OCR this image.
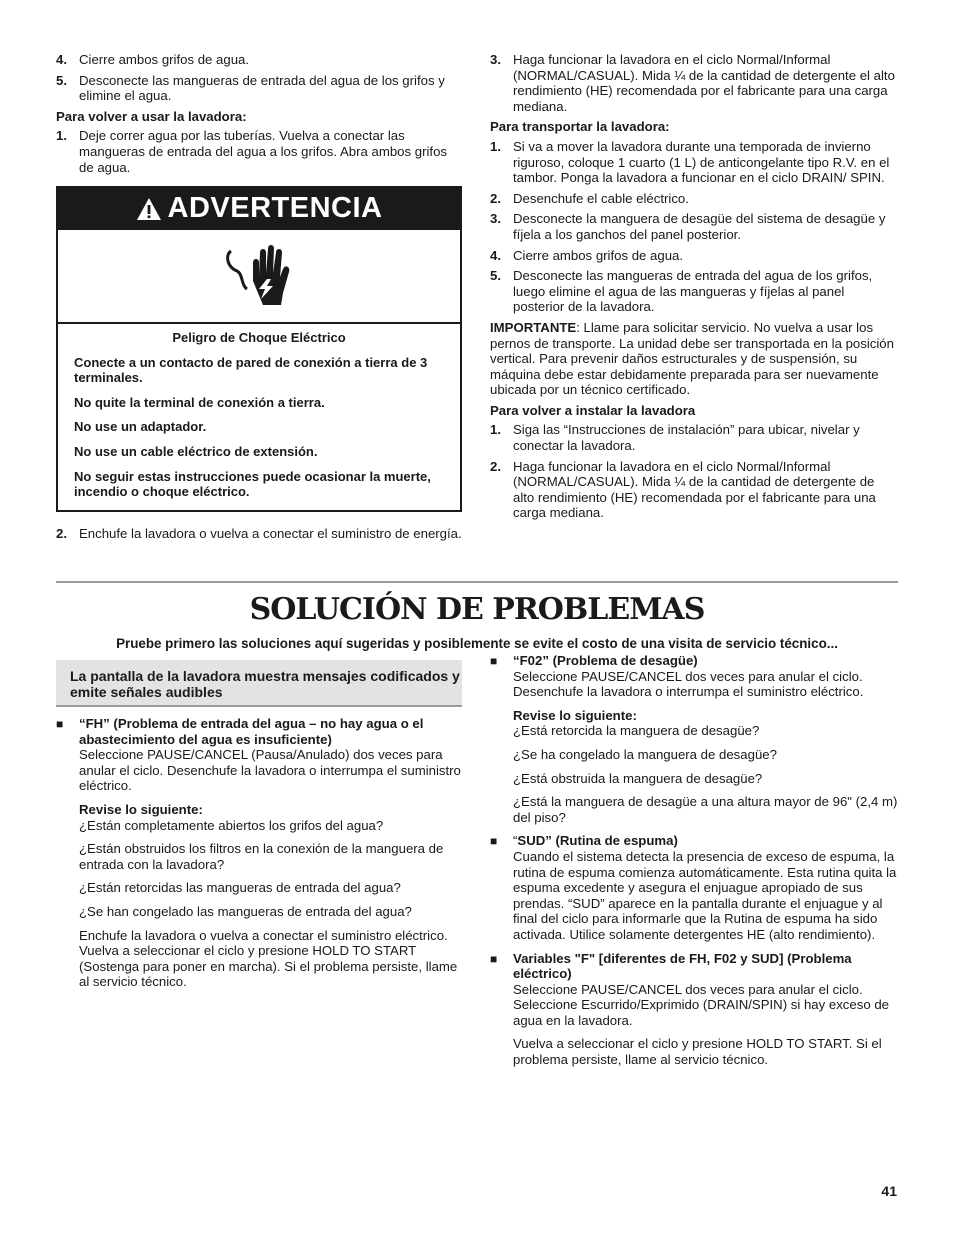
4. Cierre ambos grifos de agua.
5. Desconecte las mangueras de entrada del agua de los grifos y elimine el agua.
Para volver a usar la lavadora:
1. Deje correr agua por las tuberías. Vuelva a conectar las mangueras de entrada del agua a los grifos. Abra ambos grifos de agua.
ADVERTENCIA
Peligro de Choque Eléctrico

Conecte a un contacto de pared de conexión a tierra de 3 terminales.

No quite la terminal de conexión a tierra.

No use un adaptador.

No use un cable eléctrico de extensión.

No seguir estas instrucciones puede ocasionar la muerte, incendio o choque eléctrico.

2. Enchufe la lavadora o vuelva a conectar el suministro de energía.
3. Haga funcionar la lavadora en el ciclo Normal/Informal (NORMAL/CASUAL). Mida ¼ de la cantidad de detergente el alto rendimiento (HE) recomendada por el fabricante para una carga mediana.
Para transportar la lavadora:
1. Si va a mover la lavadora durante una temporada de invierno riguroso, coloque 1 cuarto (1 L) de anticongelante tipo R.V. en el tambor. Ponga la lavadora a funcionar en el ciclo DRAIN/ SPIN.
2. Desenchufe el cable eléctrico.
3. Desconecte la manguera de desagüe del sistema de desagüe y fíjela a los ganchos del panel posterior.
4. Cierre ambos grifos de agua.
5. Desconecte las mangueras de entrada del agua de los grifos, luego elimine el agua de las mangueras y fíjelas al panel posterior de la lavadora.

IMPORTANTE: Llame para solicitar servicio. No vuelva a usar los pernos de transporte. La unidad debe ser transportada en la posición vertical. Para prevenir daños estructurales y de suspensión, su máquina debe estar debidamente preparada para ser nuevamente ubicada por un técnico certificado.

Para volver a instalar la lavadora
1. Siga las “Instrucciones de instalación” para ubicar, nivelar y conectar la lavadora.
2. Haga funcionar la lavadora en el ciclo Normal/Informal (NORMAL/CASUAL). Mida ¼ de la cantidad de detergente de alto rendimiento (HE) recomendada por el fabricante para una carga mediana.
SOLUCIÓN DE PROBLEMAS
Pruebe primero las soluciones aquí sugeridas y posiblemente se evite el costo de una visita de servicio técnico...
La pantalla de la lavadora muestra mensajes codificados y emite señales audibles
■ “FH” (Problema de entrada del agua – no hay agua o el abastecimiento del agua es insuficiente)
Seleccione PAUSE/CANCEL (Pausa/Anulado) dos veces para anular el ciclo. Desenchufe la lavadora o interrumpa el suministro eléctrico.
Revise lo siguiente:

¿Están completamente abiertos los grifos del agua?

¿Están obstruidos los filtros en la conexión de la manguera de entrada con la lavadora?

¿Están retorcidas las mangueras de entrada del agua?

¿Se han congelado las mangueras de entrada del agua?

Enchufe la lavadora o vuelva a conectar el suministro eléctrico. Vuelva a seleccionar el ciclo y presione HOLD TO START (Sostenga para poner en marcha). Si el problema persiste, llame al servicio técnico.

■ “F02” (Problema de desagüe)
Seleccione PAUSE/CANCEL dos veces para anular el ciclo. Desenchufe la lavadora o interrumpa el suministro eléctrico.
Revise lo siguiente:

¿Está retorcida la manguera de desagüe?

¿Se ha congelado la manguera de desagüe?

¿Está obstruida la manguera de desagüe?

¿Está la manguera de desagüe a una altura mayor de 96" (2,4 m) del piso?

■ “SUD” (Rutina de espuma)
Cuando el sistema detecta la presencia de exceso de espuma, la rutina de espuma comienza automáticamente. Esta rutina quita la espuma excedente y asegura el enjuague apropiado de sus prendas. “SUD” aparece en la pantalla durante el enjuague y al final del ciclo para informarle que la Rutina de espuma ha sido activada. Utilice solamente detergentes HE (alto rendimiento).
■ Variables "F" [diferentes de FH, F02 y SUD] (Problema eléctrico)

Seleccione PAUSE/CANCEL dos veces para anular el ciclo. Seleccione Escurrido/Exprimido (DRAIN/SPIN) si hay exceso de agua en la lavadora.

Vuelva a seleccionar el ciclo y presione HOLD TO START. Si el problema persiste, llame al servicio técnico.

41
